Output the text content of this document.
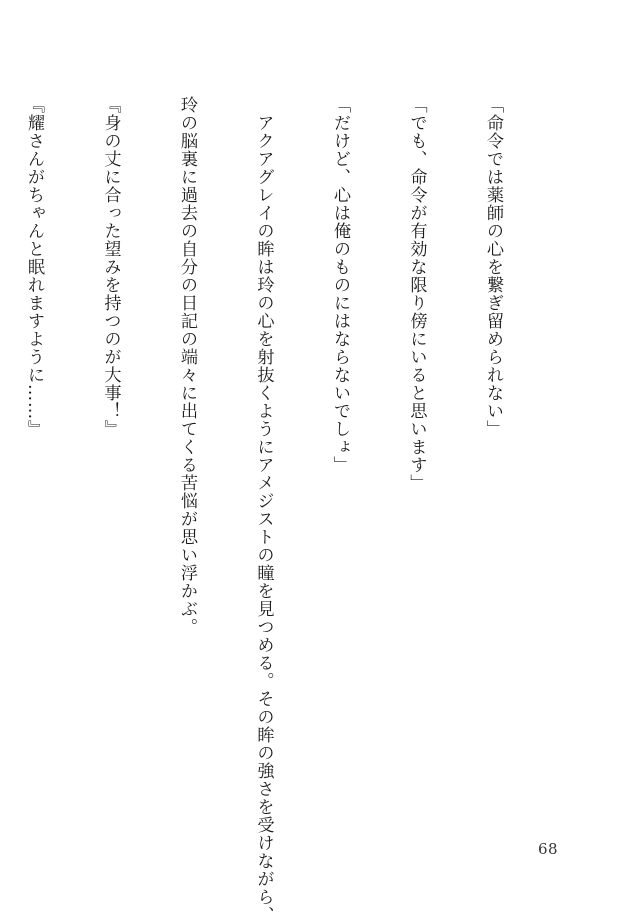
「命令では薬師の心を繋ぎ留められない」

「でも、命令が有効な限り傍にいると思います」

「だけど、心は俺のものにはならないでしょ」

　アクアグレイの眸は玲の心を射抜くようにアメジストの瞳を見つめる。その眸の強さを受けながら、

玲の脳裏に過去の自分の日記の端々に出てくる苦悩が思い浮かぶ。

『身の丈に合った望みを持つのが大事！』

『耀さんがちゃんと眠れますように……』

68
